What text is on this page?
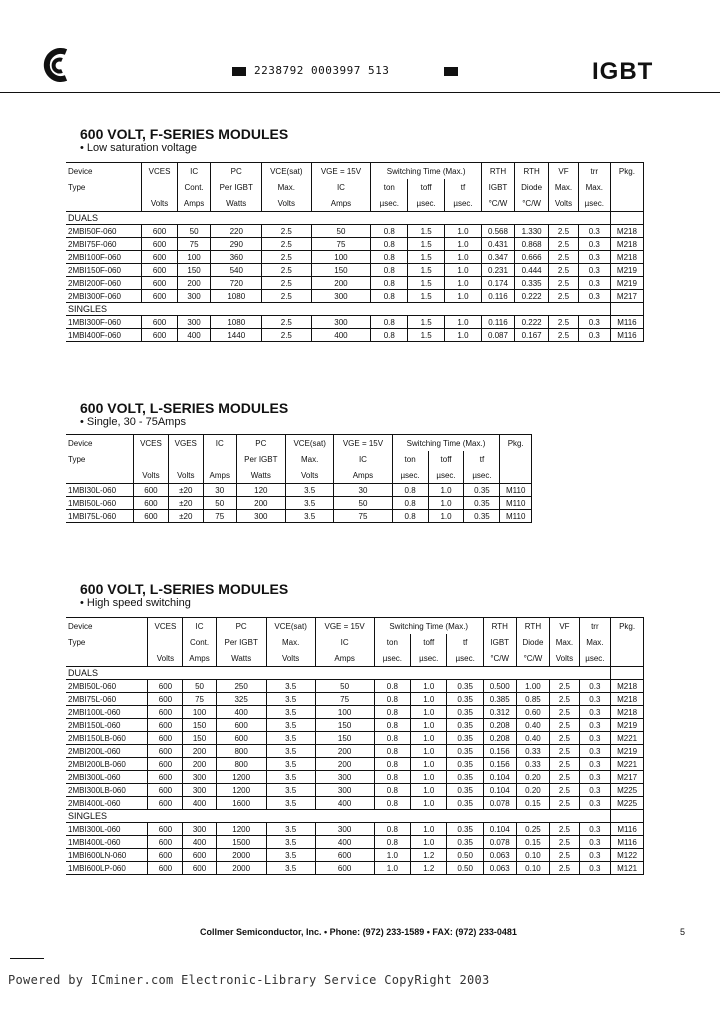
2238792 0003997 513	IGBT
600 VOLT, F-SERIES MODULES
• Low saturation voltage
Device	VCES	IC	PC	VCE(sat)	VGE = 15V	Switching Time (Max.)			RTH	RTH	VF	trr	Pkg.
Type		Cont.	Per IGBT	Max.	IC	ton	toff	tf	IGBT	Diode	Max.	Max.	
	Volts	Amps	Watts	Volts	Amps	µsec.	µsec.	µsec.	°C/W	°C/W	Volts	µsec.	
DUALS													
2MBI50F-060	600	50	220	2.5	50	0.8	1.5	1.0	0.568	1.330	2.5	0.3	M218
2MBI75F-060	600	75	290	2.5	75	0.8	1.5	1.0	0.431	0.868	2.5	0.3	M218
2MBI100F-060	600	100	360	2.5	100	0.8	1.5	1.0	0.347	0.666	2.5	0.3	M218
2MBI150F-060	600	150	540	2.5	150	0.8	1.5	1.0	0.231	0.444	2.5	0.3	M219
2MBI200F-060	600	200	720	2.5	200	0.8	1.5	1.0	0.174	0.335	2.5	0.3	M219
2MBI300F-060	600	300	1080	2.5	300	0.8	1.5	1.0	0.116	0.222	2.5	0.3	M217
SINGLES													
1MBI300F-060	600	300	1080	2.5	300	0.8	1.5	1.0	0.116	0.222	2.5	0.3	M116
1MBI400F-060	600	400	1440	2.5	400	0.8	1.5	1.0	0.087	0.167	2.5	0.3	M116
600 VOLT, L-SERIES MODULES
• Single, 30 - 75Amps
Device	VCES	VGES	IC	PC	VCE(sat)	VGE = 15V	Switching Time (Max.)			Pkg.
Type				Per IGBT	Max.	IC	ton	toff	tf	
	Volts	Volts	Amps	Watts	Volts	Amps	µsec.	µsec.	µsec.	
1MBI30L-060	600	±20	30	120	3.5	30	0.8	1.0	0.35	M110
1MBI50L-060	600	±20	50	200	3.5	50	0.8	1.0	0.35	M110
1MBI75L-060	600	±20	75	300	3.5	75	0.8	1.0	0.35	M110
600 VOLT, L-SERIES MODULES
• High speed switching
Device	VCES	IC	PC	VCE(sat)	VGE = 15V	Switching Time (Max.)			RTH	RTH	VF	trr	Pkg.
Type		Cont.	Per IGBT	Max.	IC	ton	toff	tf	IGBT	Diode	Max.	Max.	
	Volts	Amps	Watts	Volts	Amps	µsec.	µsec.	µsec.	°C/W	°C/W	Volts	µsec.	
DUALS													
2MBI50L-060	600	50	250	3.5	50	0.8	1.0	0.35	0.500	1.00	2.5	0.3	M218
2MBI75L-060	600	75	325	3.5	75	0.8	1.0	0.35	0.385	0.85	2.5	0.3	M218
2MBI100L-060	600	100	400	3.5	100	0.8	1.0	0.35	0.312	0.60	2.5	0.3	M218
2MBI150L-060	600	150	600	3.5	150	0.8	1.0	0.35	0.208	0.40	2.5	0.3	M219
2MBI150LB-060	600	150	600	3.5	150	0.8	1.0	0.35	0.208	0.40	2.5	0.3	M221
2MBI200L-060	600	200	800	3.5	200	0.8	1.0	0.35	0.156	0.33	2.5	0.3	M219
2MBI200LB-060	600	200	800	3.5	200	0.8	1.0	0.35	0.156	0.33	2.5	0.3	M221
2MBI300L-060	600	300	1200	3.5	300	0.8	1.0	0.35	0.104	0.20	2.5	0.3	M217
2MBI300LB-060	600	300	1200	3.5	300	0.8	1.0	0.35	0.104	0.20	2.5	0.3	M225
2MBI400L-060	600	400	1600	3.5	400	0.8	1.0	0.35	0.078	0.15	2.5	0.3	M225
SINGLES													
1MBI300L-060	600	300	1200	3.5	300	0.8	1.0	0.35	0.104	0.25	2.5	0.3	M116
1MBI400L-060	600	400	1500	3.5	400	0.8	1.0	0.35	0.078	0.15	2.5	0.3	M116
1MBI600LN-060	600	600	2000	3.5	600	1.0	1.2	0.50	0.063	0.10	2.5	0.3	M122
1MBI600LP-060	600	600	2000	3.5	600	1.0	1.2	0.50	0.063	0.10	2.5	0.3	M121
Collmer Semiconductor, Inc. • Phone: (972) 233-1589 • FAX: (972) 233-0481	5
Powered by ICminer.com Electronic-Library Service CopyRight 2003
